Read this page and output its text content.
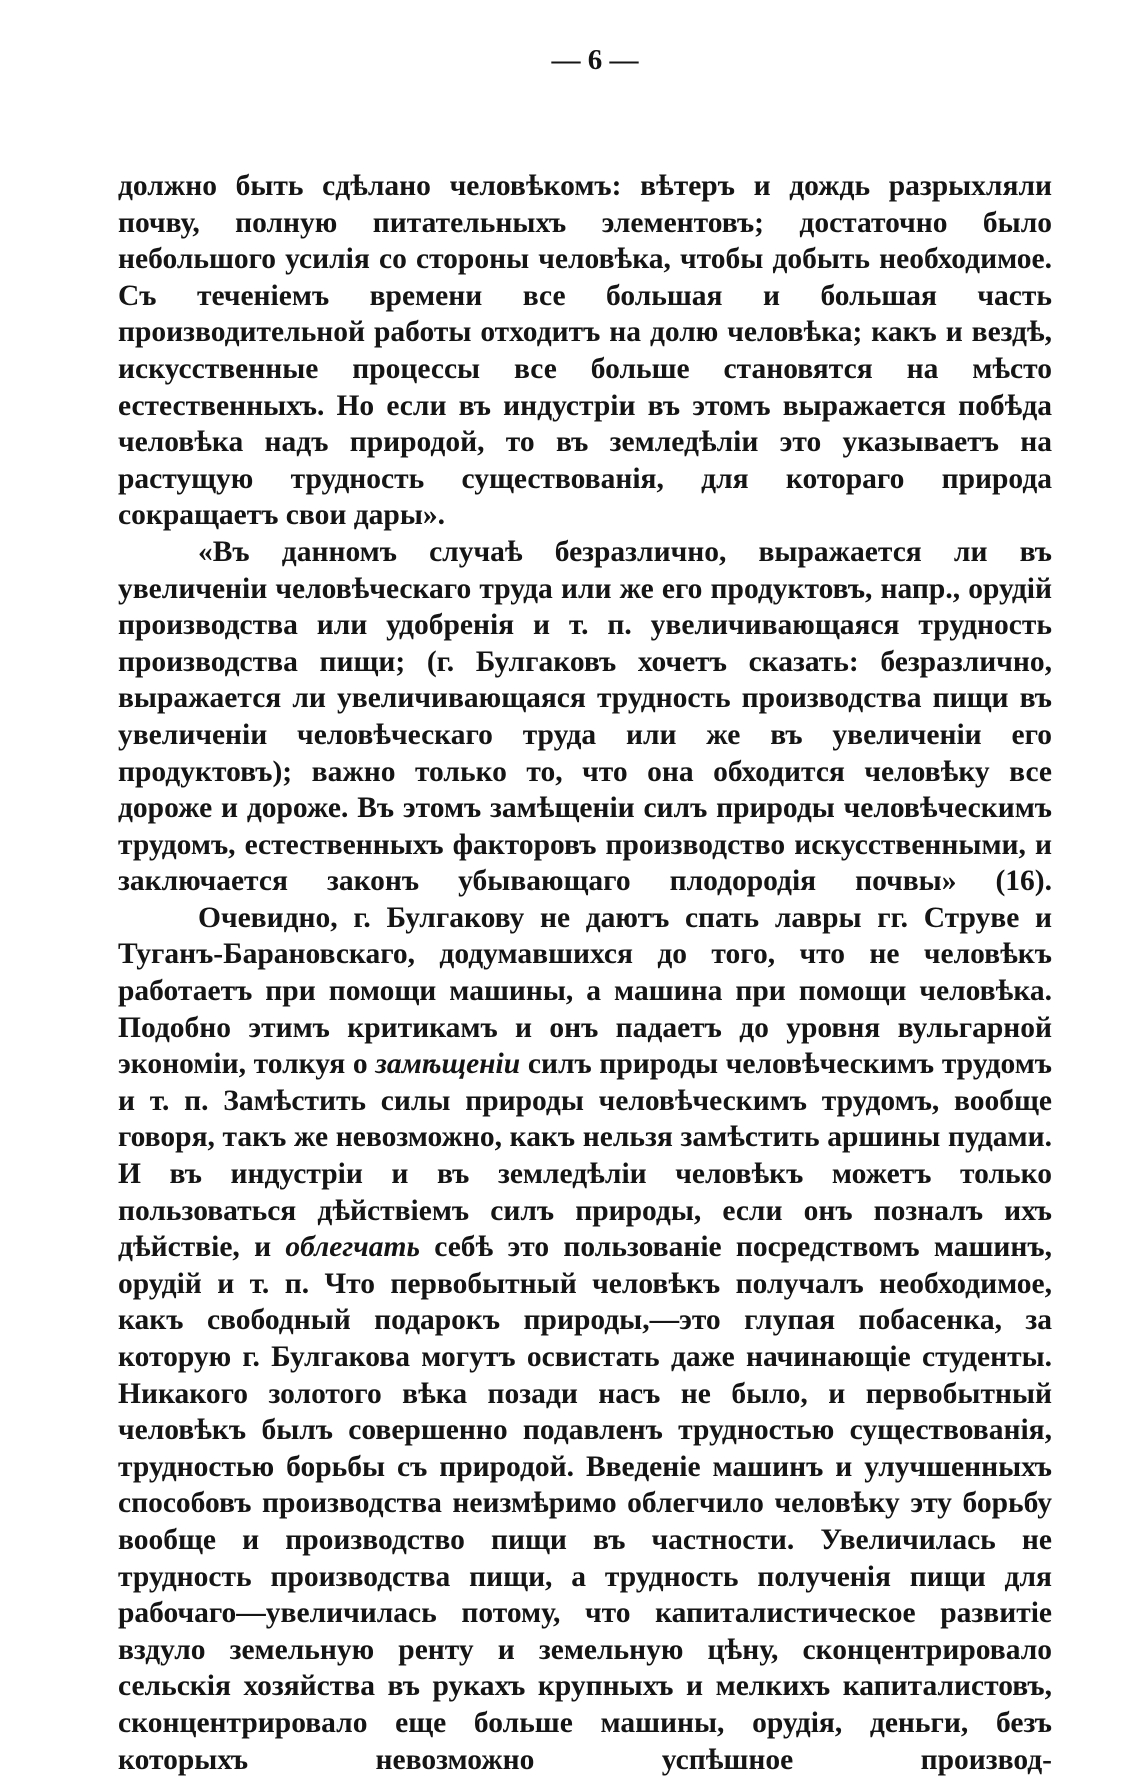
— 6 —

должно быть сдѣлано человѣкомъ: вѣтеръ и дождь разрыхляли почву, полную питательныхъ элементовъ; достаточно было небольшого усилія со стороны человѣка, чтобы добыть необходимое. Съ теченіемъ времени все большая и большая часть производительной работы отходитъ на долю человѣка; какъ и вездѣ, искусственные процессы все больше становятся на мѣсто естественныхъ. Но если въ индустріи въ этомъ выражается побѣда человѣка надъ природой, то въ земледѣліи это указываетъ на растущую трудность существованія, для котораго природа сокращаетъ свои дары».

«Въ данномъ случаѣ безразлично, выражается ли въ увеличеніи человѣческаго труда или же его продуктовъ, напр., орудій производства или удобренія и т. п. увеличивающаяся трудность производства пищи; (г. Булгаковъ хочетъ сказать: безразлично, выражается ли увеличивающаяся трудность производства пищи въ увеличеніи человѣческаго труда или же въ увеличеніи его продуктовъ); важно только то, что она обходится человѣку все дороже и дороже. Въ этомъ замѣщеніи силъ природы человѣческимъ трудомъ, естественныхъ факторовъ производство искусственными, и заключается законъ убывающаго плодородія почвы» (16).

Очевидно, г. Булгакову не даютъ спать лавры гг. Струве и Туганъ-Барановскаго, додумавшихся до того, что не человѣкъ работаетъ при помощи машины, а машина при помощи человѣка. Подобно этимъ критикамъ и онъ падаетъ до уровня вульгарной экономіи, толкуя о замѣщеніи силъ природы человѣческимъ трудомъ и т. п. Замѣстить силы природы человѣческимъ трудомъ, вообще говоря, такъ же невозможно, какъ нельзя замѣстить аршины пудами. И въ индустріи и въ земледѣліи человѣкъ можетъ только пользоваться дѣйствіемъ силъ природы, если онъ позналъ ихъ дѣйствіе, и облегчать себѣ это пользованіе посредствомъ машинъ, орудій и т. п. Что первобытный человѣкъ получалъ необходимое, какъ свободный подарокъ природы,—это глупая побасенка, за которую г. Булгакова могутъ освистать даже начинающіе студенты. Никакого золотого вѣка позади насъ не было, и первобытный человѣкъ былъ совершенно подавленъ трудностью существованія, трудностью борьбы съ природой. Введеніе машинъ и улучшенныхъ способовъ производства неизмѣримо облегчило человѣку эту борьбу вообще и производство пищи въ частности. Увеличилась не трудность производства пищи, а трудность полученія пищи для рабочаго—увеличилась потому, что капиталистическое развитіе вздуло земельную ренту и земельную цѣну, сконцентрировало сельскія хозяйства въ рукахъ крупныхъ и мелкихъ капиталистовъ, сконцентрировало еще больше машины, орудія, деньги, безъ которыхъ невозможно успѣшное производ-
